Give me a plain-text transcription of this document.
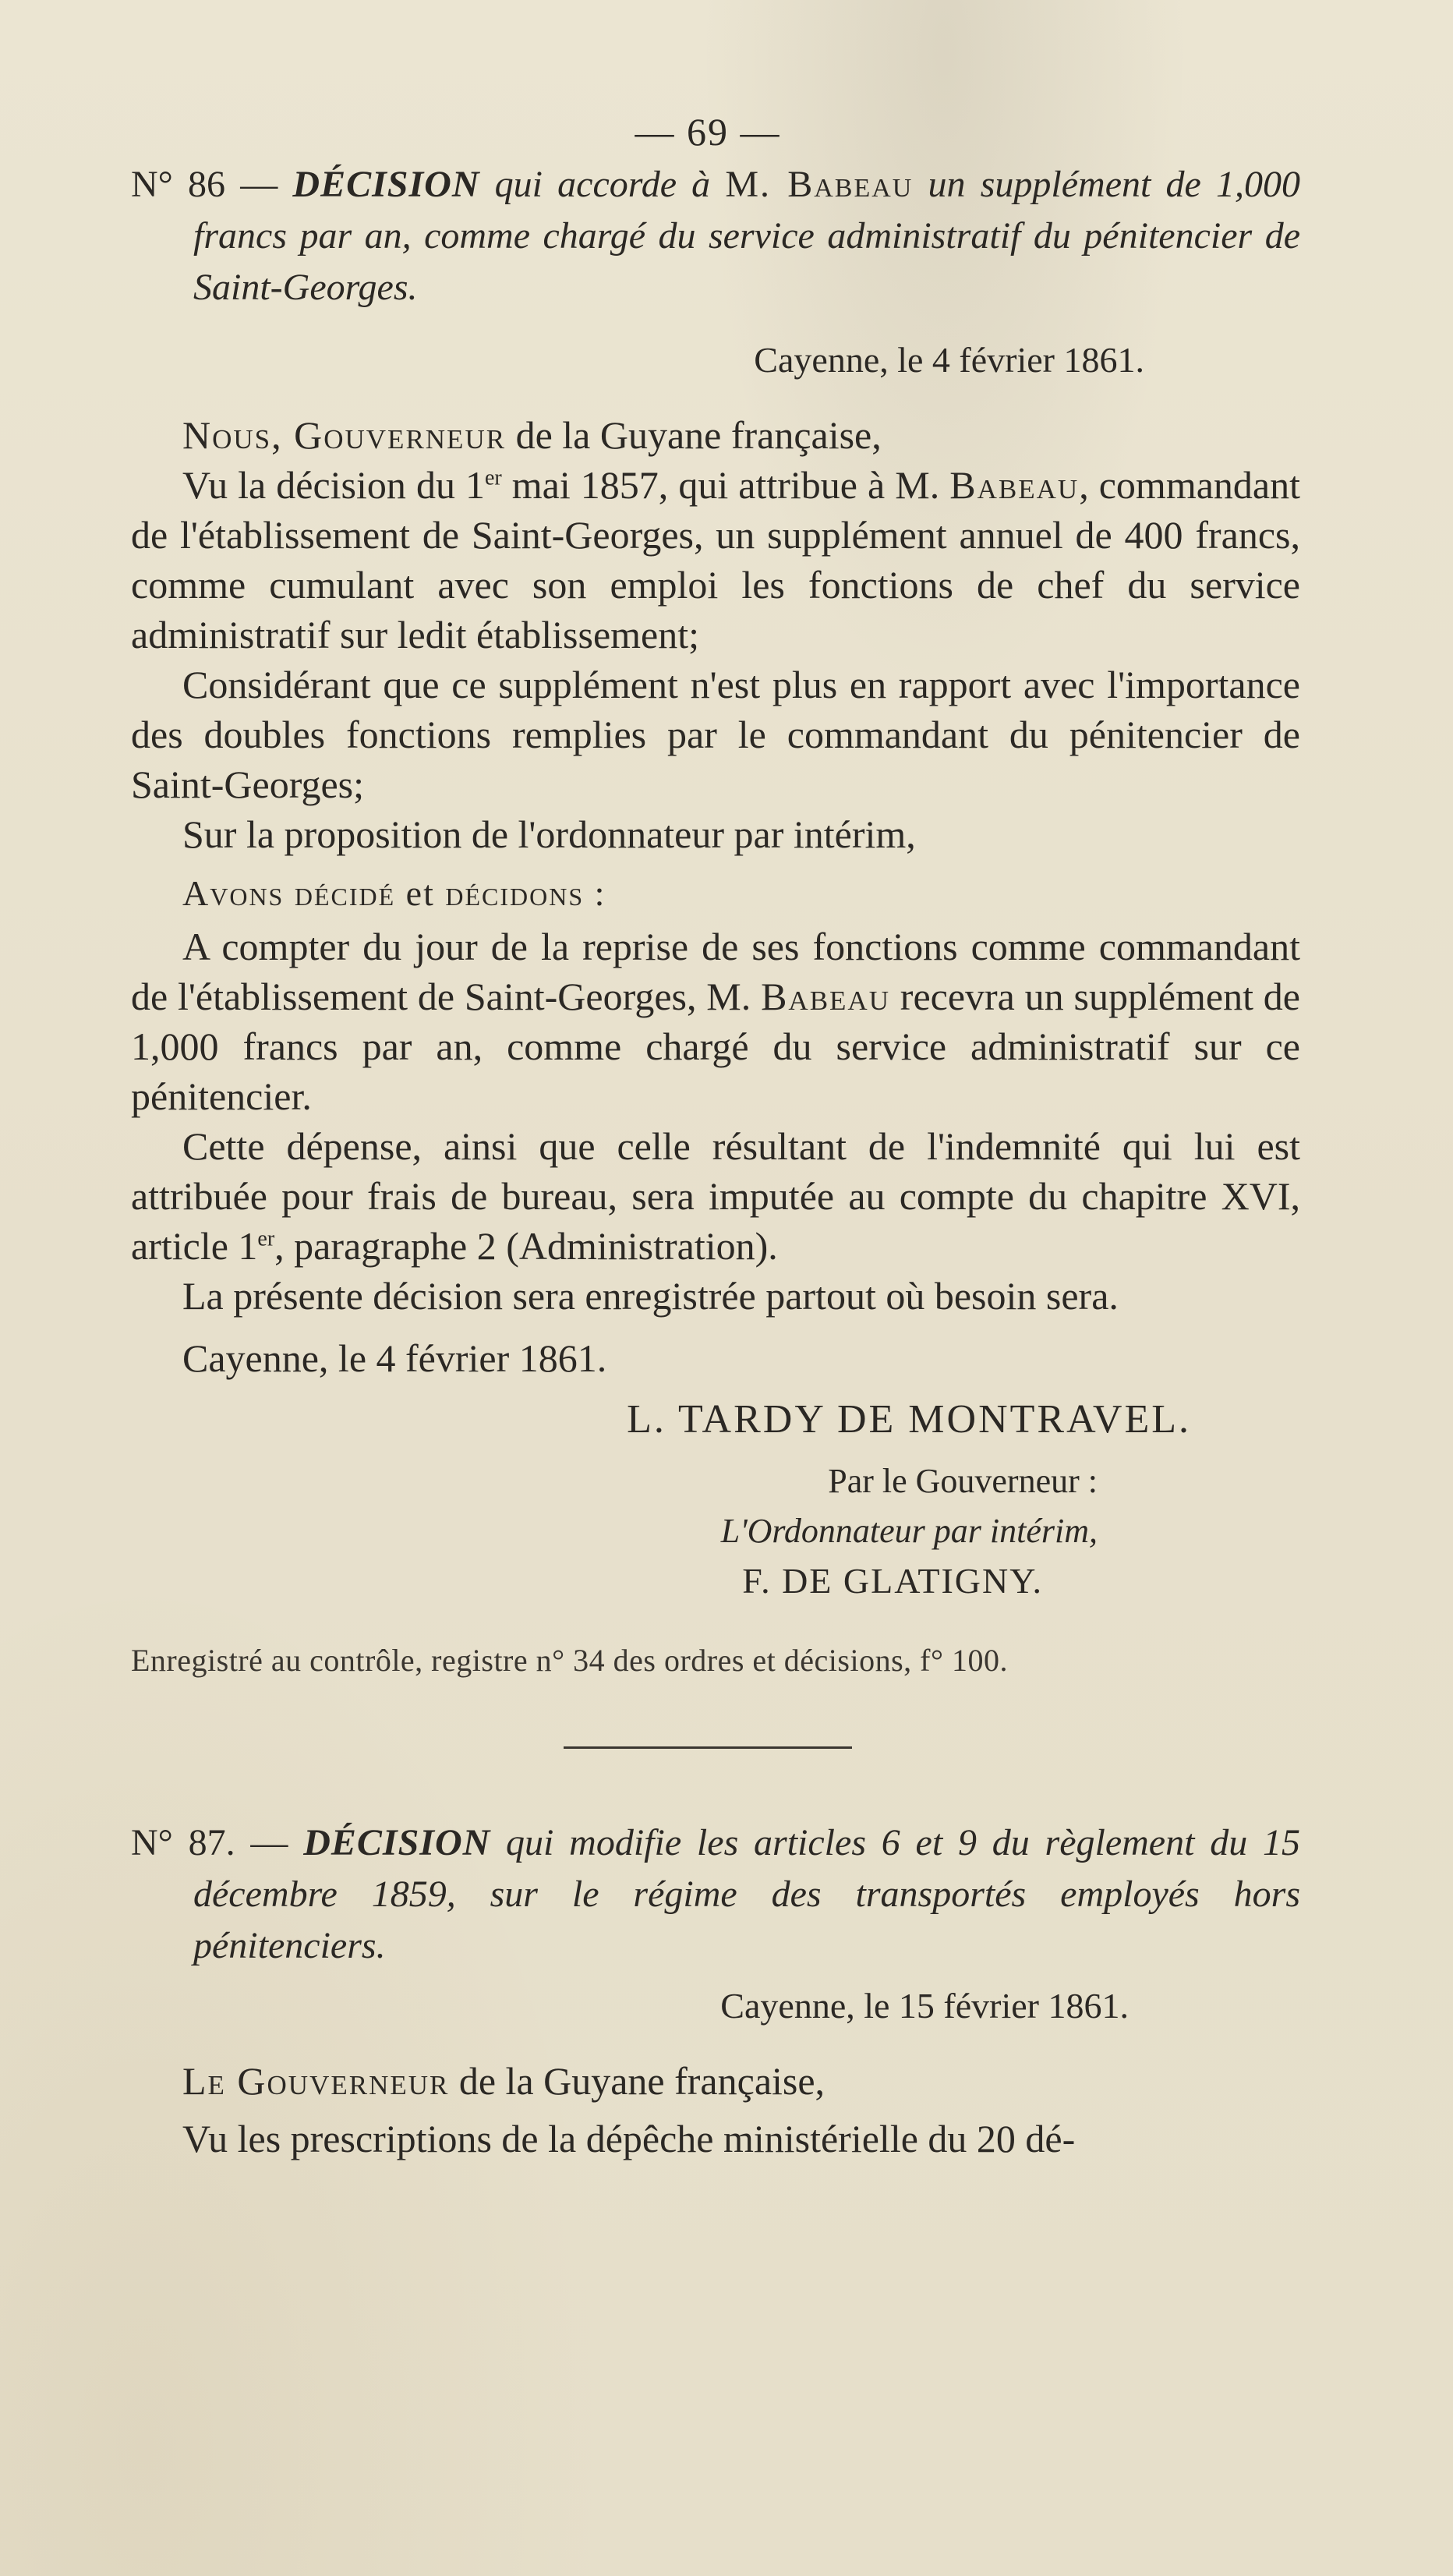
— 69 —
N° 86 — DÉCISION qui accorde à M. Babeau un supplément de 1,000 francs par an, comme chargé du service administratif du pénitencier de Saint-Georges.
Cayenne, le 4 février 1861.

Nous, Gouverneur de la Guyane française,

Vu la décision du 1er mai 1857, qui attribue à M. Babeau, commandant de l'établissement de Saint-Georges, un supplément annuel de 400 francs, comme cumulant avec son emploi les fonctions de chef du service administratif sur ledit établissement;

Considérant que ce supplément n'est plus en rapport avec l'importance des doubles fonctions remplies par le commandant du pénitencier de Saint-Georges;

Sur la proposition de l'ordonnateur par intérim,

Avons décidé et décidons :

A compter du jour de la reprise de ses fonctions comme commandant de l'établissement de Saint-Georges, M. Babeau recevra un supplément de 1,000 francs par an, comme chargé du service administratif sur ce pénitencier.

Cette dépense, ainsi que celle résultant de l'indemnité qui lui est attribuée pour frais de bureau, sera imputée au compte du chapitre XVI, article 1er, paragraphe 2 (Administration).

La présente décision sera enregistrée partout où besoin sera.

Cayenne, le 4 février 1861.
L. TARDY DE MONTRAVEL.
Par le Gouverneur :
L'Ordonnateur par intérim,
F. DE GLATIGNY.
Enregistré au contrôle, registre n° 34 des ordres et décisions, f° 100.
N° 87. — DÉCISION qui modifie les articles 6 et 9 du règlement du 15 décembre 1859, sur le régime des transportés employés hors pénitenciers.
Cayenne, le 15 février 1861.

Le Gouverneur de la Guyane française,

Vu les prescriptions de la dépêche ministérielle du 20 dé-
